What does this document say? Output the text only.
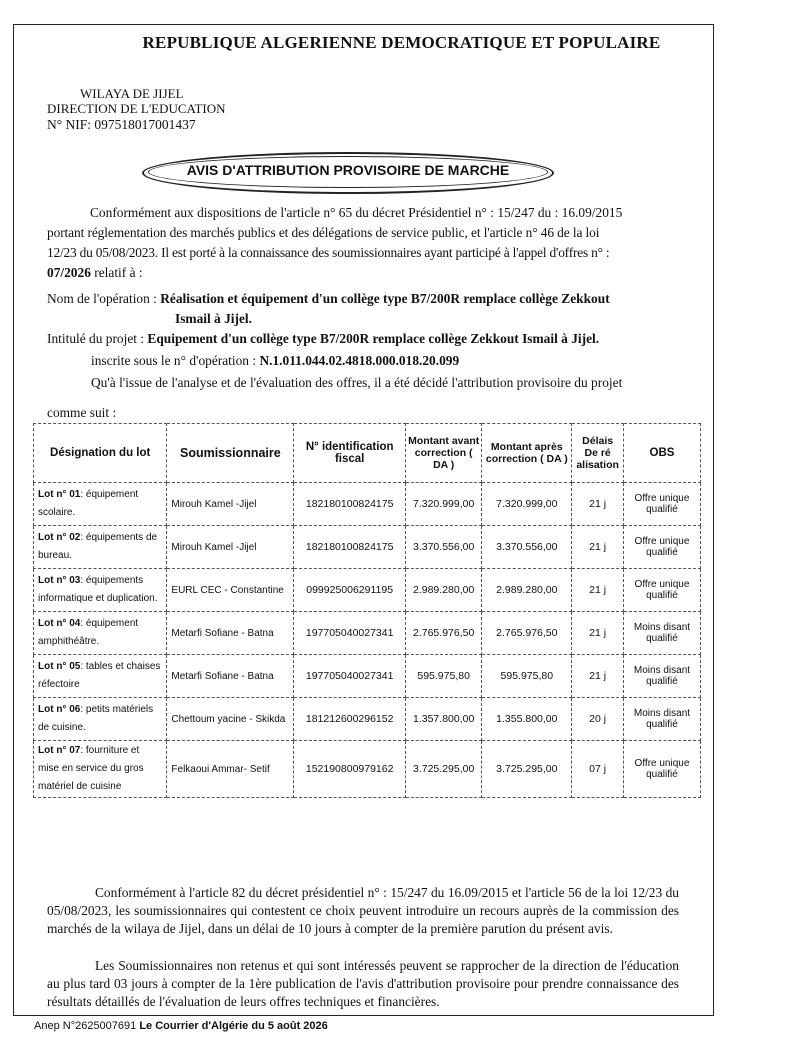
REPUBLIQUE ALGERIENNE DEMOCRATIQUE ET POPULAIRE
WILAYA DE JIJEL
DIRECTION DE L'EDUCATION
N° NIF: 097518017001437
AVIS D'ATTRIBUTION PROVISOIRE DE MARCHE
Conformément aux dispositions de l'article n° 65 du décret Présidentiel n° : 15/247 du : 16.09/2015
portant réglementation des marchés publics et des délégations de service public, et l'article n° 46 de la loi
12/23 du 05/08/2023. Il est porté à la connaissance des soumissionnaires ayant participé à l'appel d'offres n° :
07/2026 relatif à :
Nom de l'opération : Réalisation et équipement d'un collège type B7/200R remplace collège Zekkout
Ismail à Jijel.
Intitulé du projet : Equipement d'un collège type B7/200R remplace collège Zekkout Ismail à Jijel.
inscrite sous le n° d'opération : N.1.011.044.02.4818.000.018.20.099
Qu'à l'issue de l'analyse et de l'évaluation des offres, il a été décidé l'attribution provisoire du projet
comme suit :
Désignation du lot	Soumissionnaire	N° identification fiscal	Montant avant correction ( DA )	Montant après correction ( DA )	Délais De ré alisation	OBS
Lot n° 01: équipement scolaire.	Mirouh Kamel -Jijel	182180100824175	7.320.999,00	7.320.999,00	21 j	Offre unique qualifié
Lot n° 02: équipements de bureau.	Mirouh Kamel -Jijel	182180100824175	3.370.556,00	3.370.556,00	21 j	Offre unique qualifié
Lot n° 03: équipements informatique et duplication.	EURL CEC - Constantine	099925006291195	2.989.280,00	2.989.280,00	21 j	Offre unique qualifié
Lot n° 04: équipement amphithéâtre.	Metarfi Sofiane - Batna	197705040027341	2.765.976,50	2.765.976,50	21 j	Moins disant qualifié
Lot n° 05: tables et chaises réfectoire	Metarfi Sofiane - Batna	197705040027341	595.975,80	595.975,80	21 j	Moins disant qualifié
Lot n° 06: petits matériels de cuisine.	Chettoum yacine - Skikda	181212600296152	1.357.800,00	1.355.800,00	20 j	Moins disant qualifié
Lot n° 07: fourniture et mise en service du gros matériel de cuisine	Felkaoui Ammar- Setif	152190800979162	3.725.295,00	3.725.295,00	07 j	Offre unique qualifié
Conformément à l'article 82 du décret présidentiel n° : 15/247 du 16.09/2015 et l'article 56 de la loi 12/23 du 05/08/2023, les soumissionnaires qui contestent ce choix peuvent introduire un recours auprès de la commission des marchés de la wilaya de Jijel, dans un délai de 10 jours à compter de la première parution du présent avis.
Les Soumissionnaires non retenus et qui sont intéressés peuvent se rapprocher de la direction de l'éducation au plus tard 03 jours à compter de la 1ère publication de l'avis d'attribution provisoire pour prendre connaissance des résultats détaillés de l'évaluation de leurs offres techniques et financières.
Anep N°2625007691 Le Courrier d'Algérie du 5 août 2026
